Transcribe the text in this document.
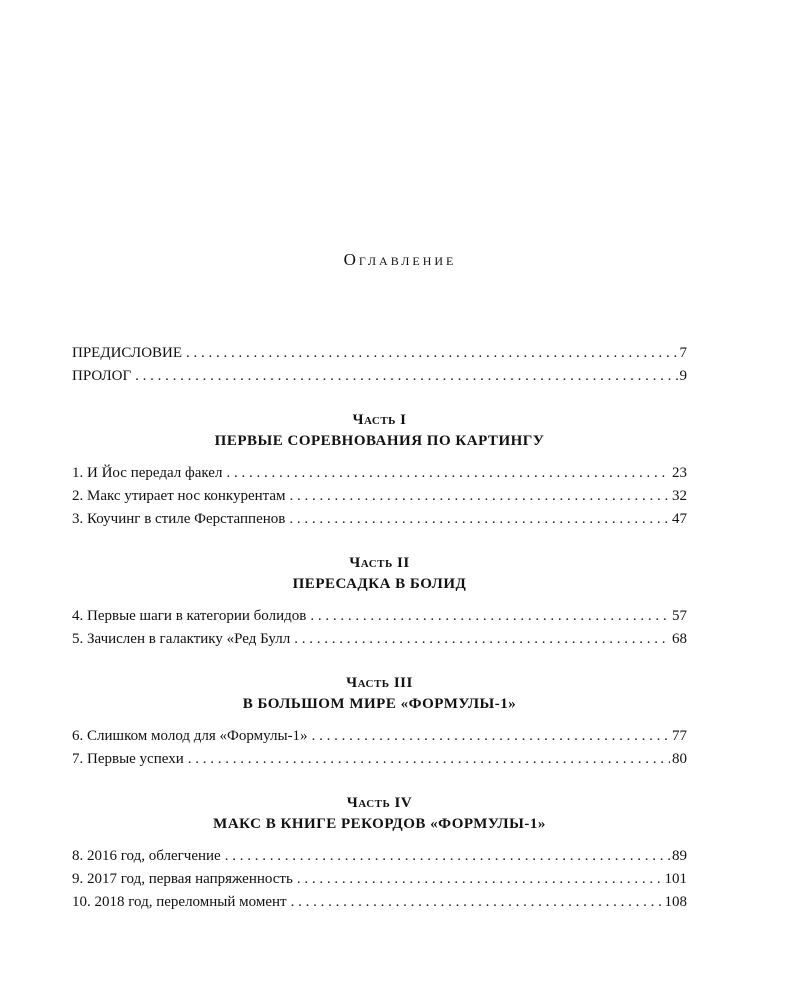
Оглавление
ПРЕДИСЛОВИЕ . . .	7
ПРОЛОГ . . .	9
Часть I
ПЕРВЫЕ СОРЕВНОВАНИЯ ПО КАРТИНГУ
1. И Йос передал факел . . .	23
2. Макс утирает нос конкурентам . . .	32
3. Коучинг в стиле Ферстаппенов . . .	47
Часть II
ПЕРЕСАДКА В БОЛИД
4. Первые шаги в категории болидов . . .	57
5. Зачислен в галактику «Ред Булл . . .	68
Часть III
В БОЛЬШОМ МИРЕ «ФОРМУЛЫ-1»
6. Слишком молод для «Формулы-1» . . .	77
7. Первые успехи . . .	80
Часть IV
МАКС В КНИГЕ РЕКОРДОВ «ФОРМУЛЫ-1»
8. 2016 год, облегчение . . .	89
9. 2017 год, первая напряженность . . .	101
10. 2018 год, переломный момент . . .	108
